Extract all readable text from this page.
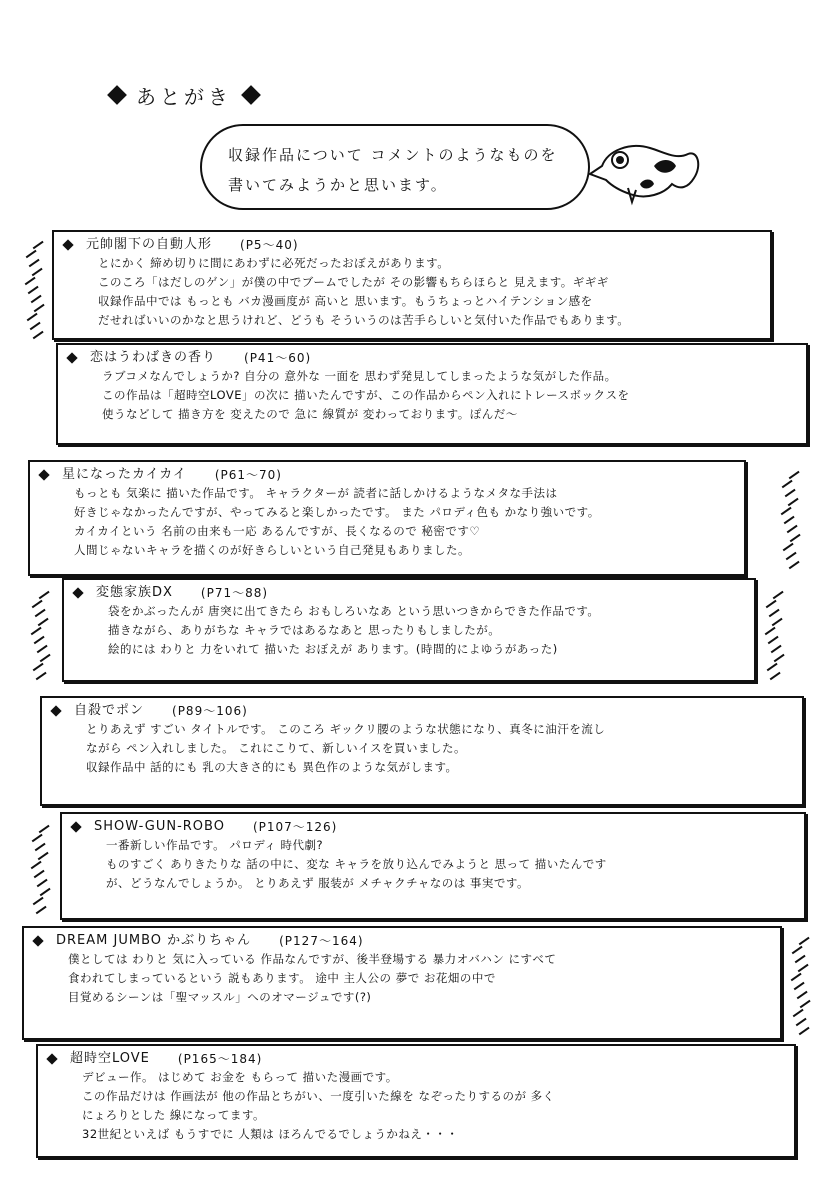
あとがき
収録作品について コメントのようなものを
書いてみようかと思います。
元帥閣下の自動人形 (P5〜40)
とにかく 締め切りに間にあわずに必死だったおぼえがあります。
このころ「はだしのゲン」が僕の中でブームでしたが その影響もちらほらと 見えます。ギギギ
収録作品中では もっとも バカ漫画度が 高いと 思います。もうちょっとハイテンション感を
だせればいいのかなと思うけれど、どうも そういうのは苦手らしいと気付いた作品でもあります。
恋はうわばきの香り (P41〜60)
ラブコメなんでしょうか? 自分の 意外な 一面を 思わず発見してしまったような気がした作品。
この作品は「超時空LOVE」の次に 描いたんですが、この作品からペン入れにトレースボックスを
使うなどして 描き方を 変えたので 急に 線質が 変わっております。ぽんだ〜
星になったカイカイ (P61〜70)
もっとも 気楽に 描いた作品です。 キャラクターが 読者に話しかけるようなメタな手法は
好きじゃなかったんですが、やってみると楽しかったです。 また パロディ色も かなり強いです。
カイカイという 名前の由来も一応 あるんですが、長くなるので 秘密です♡
人間じゃないキャラを描くのが好きらしいという自己発見もありました。
変態家族DX (P71〜88)
袋をかぶったんが 唐突に出てきたら おもしろいなあ という思いつきからできた作品です。
描きながら、ありがちな キャラではあるなあと 思ったりもしましたが。
絵的には わりと 力をいれて 描いた おぼえが あります。(時間的によゆうがあった)
自殺でポン (P89〜106)
とりあえず すごい タイトルです。 このころ ギックリ腰のような状態になり、真冬に油汗を流し
ながら ペン入れしました。 これにこりて、新しいイスを買いました。
収録作品中 話的にも 乳の大きさ的にも 異色作のような気がします。
SHOW-GUN-ROBO (P107〜126)
一番新しい作品です。 パロディ 時代劇?
ものすごく ありきたりな 話の中に、変な キャラを放り込んでみようと 思って 描いたんです
が、どうなんでしょうか。 とりあえず 服装が メチャクチャなのは 事実です。
DREAM JUMBO かぶりちゃん (P127〜164)
僕としては わりと 気に入っている 作品なんですが、後半登場する 暴力オバハン にすべて
食われてしまっているという 説もあります。 途中 主人公の 夢で お花畑の中で
目覚めるシーンは「聖マッスル」へのオマージュです(?)
超時空LOVE (P165〜184)
デビュー作。 はじめて お金を もらって 描いた漫画です。
この作品だけは 作画法が 他の作品とちがい、一度引いた線を なぞったりするのが 多く
にょろりとした 線になってます。
32世紀といえば もうすでに 人類は ほろんでるでしょうかねえ・・・
